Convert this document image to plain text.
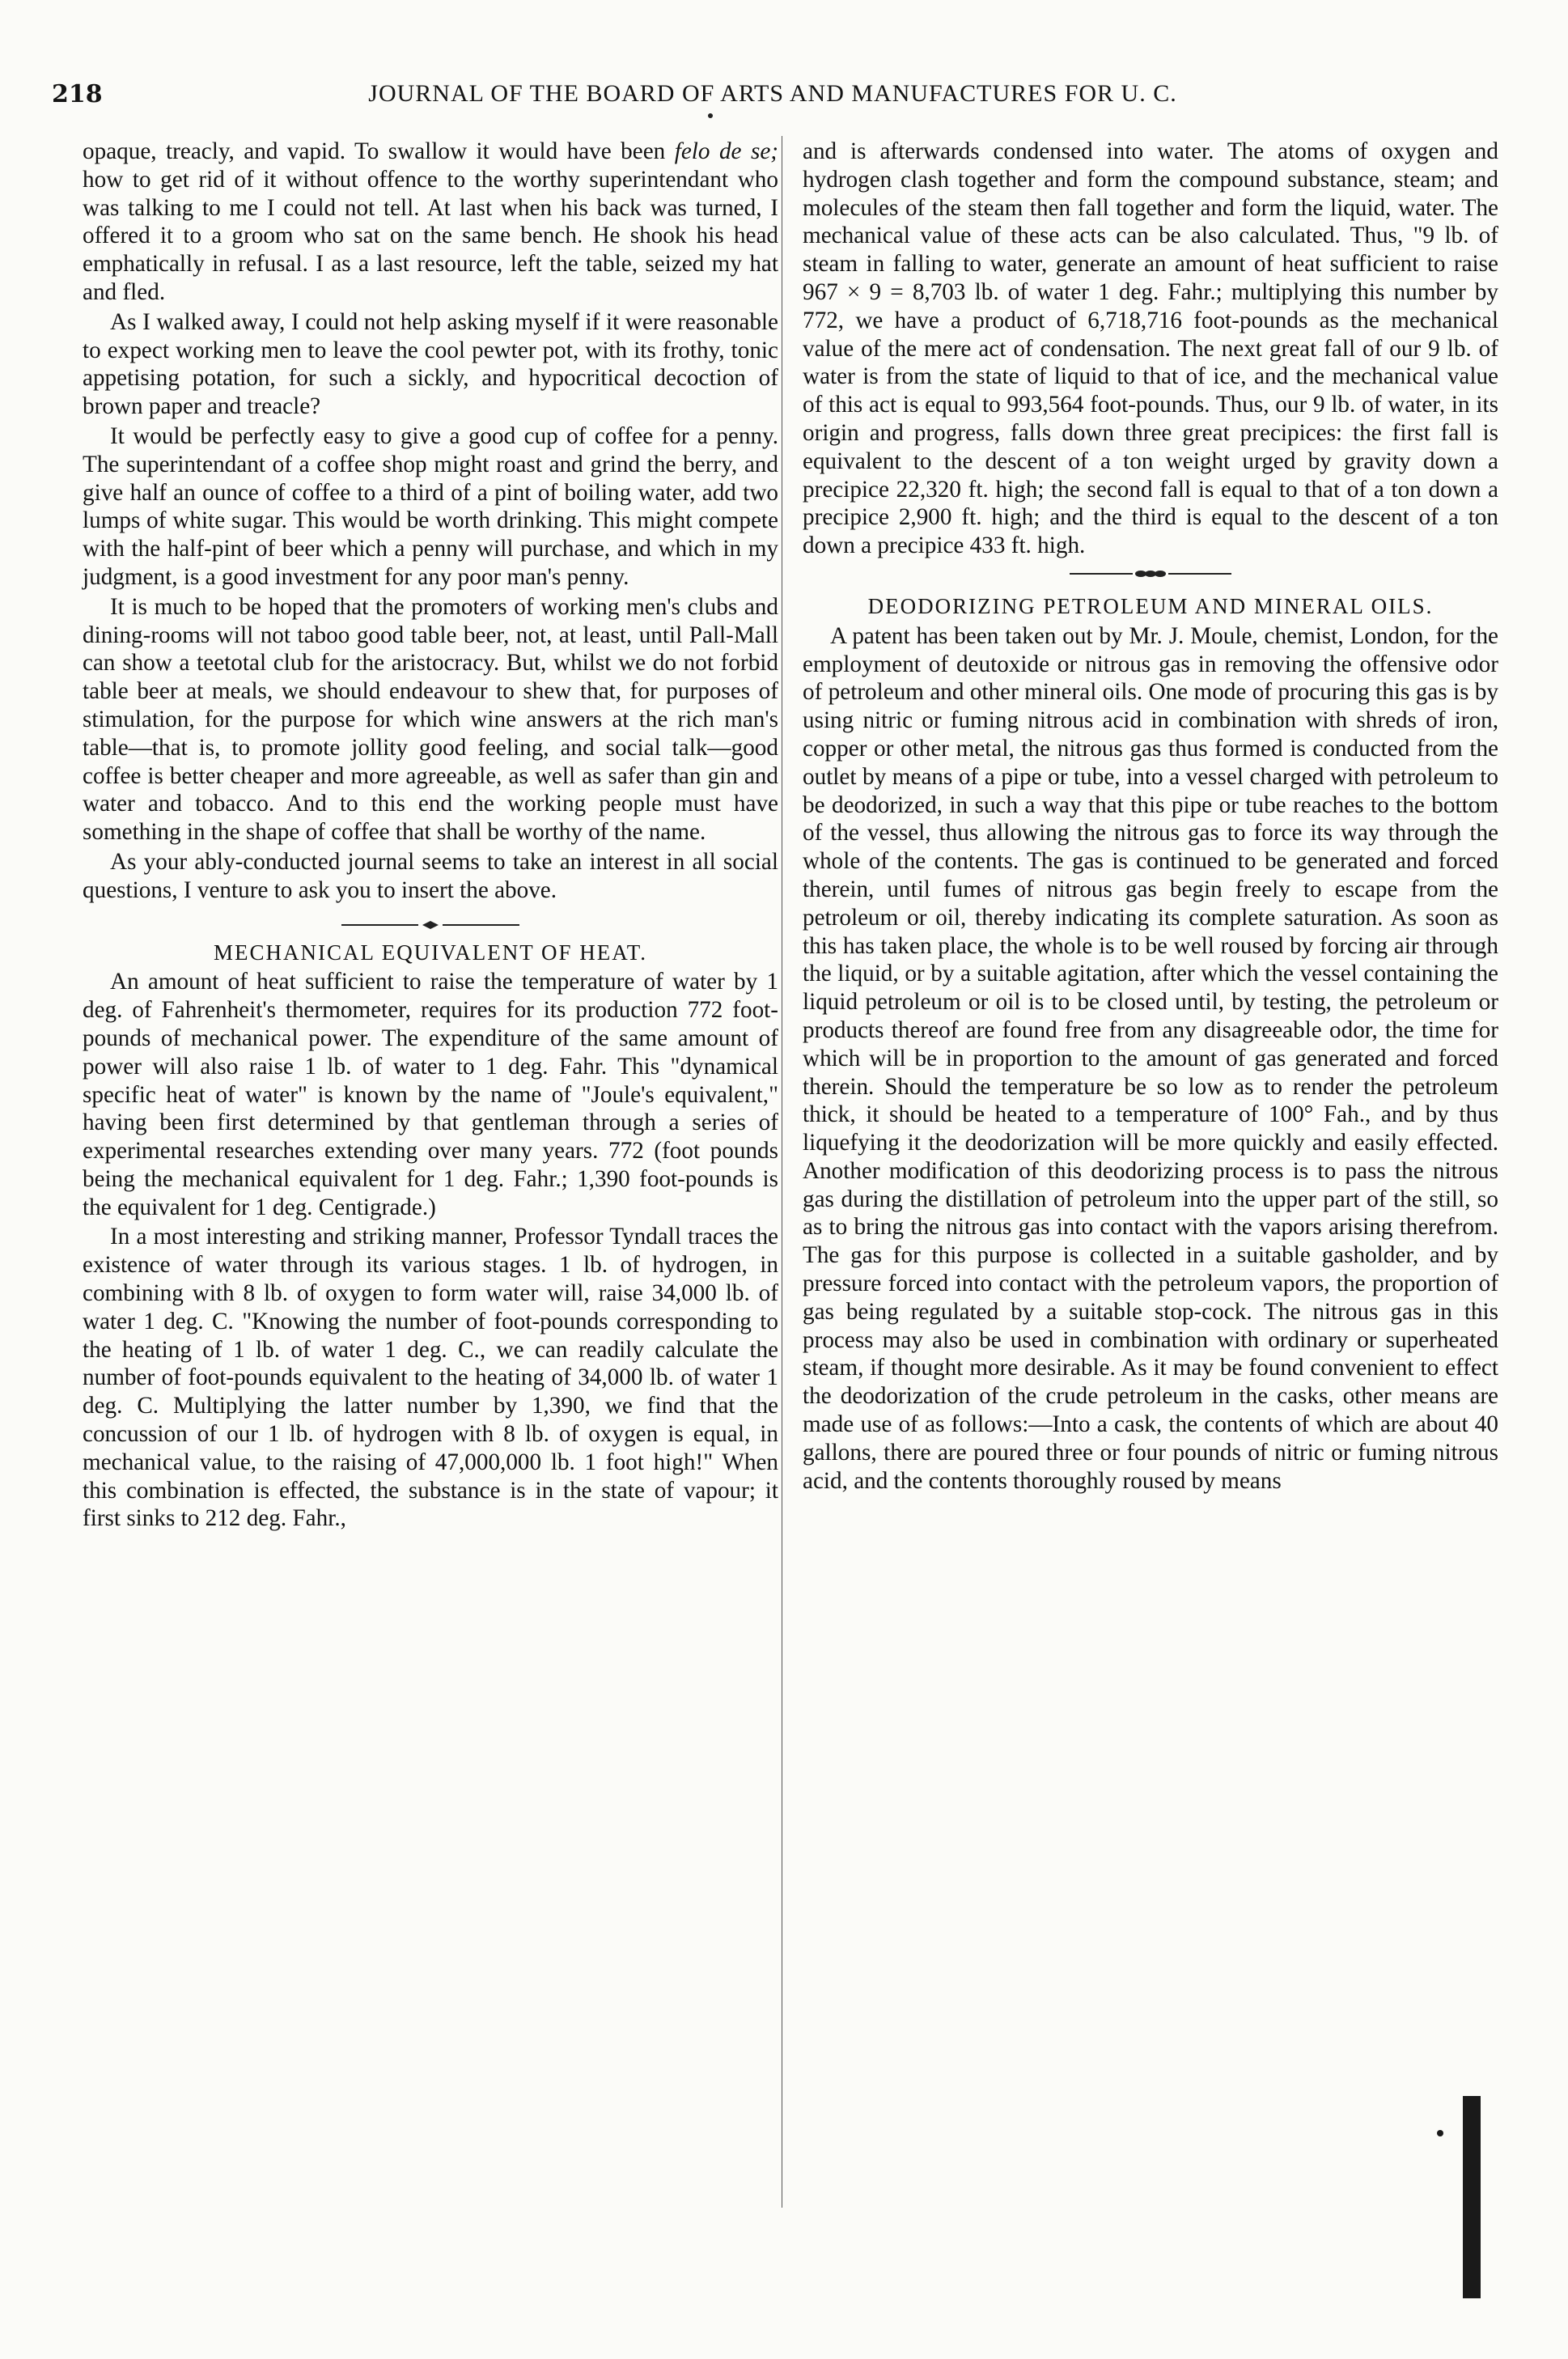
218	JOURNAL OF THE BOARD OF ARTS AND MANUFACTURES FOR U. C.

opaque, treacly, and vapid. To swallow it would have been felo de se; how to get rid of it without offence to the worthy superintendant who was talking to me I could not tell. At last when his back was turned, I offered it to a groom who sat on the same bench. He shook his head emphatically in refusal. I as a last resource, left the table, seized my hat and fled.

As I walked away, I could not help asking myself if it were reasonable to expect working men to leave the cool pewter pot, with its frothy, tonic appetising potation, for such a sickly, and hypocritical decoction of brown paper and treacle?

It would be perfectly easy to give a good cup of coffee for a penny. The superintendant of a coffee shop might roast and grind the berry, and give half an ounce of coffee to a third of a pint of boiling water, add two lumps of white sugar. This would be worth drinking. This might compete with the half-pint of beer which a penny will purchase, and which in my judgment, is a good investment for any poor man's penny.

It is much to be hoped that the promoters of working men's clubs and dining-rooms will not taboo good table beer, not, at least, until Pall-Mall can show a teetotal club for the aristocracy. But, whilst we do not forbid table beer at meals, we should endeavour to shew that, for purposes of stimulation, for the purpose for which wine answers at the rich man's table—that is, to promote jollity good feeling, and social talk—good coffee is better cheaper and more agreeable, as well as safer than gin and water and tobacco. And to this end the working people must have something in the shape of coffee that shall be worthy of the name.

As your ably-conducted journal seems to take an interest in all social questions, I venture to ask you to insert the above.

MECHANICAL EQUIVALENT OF HEAT.

An amount of heat sufficient to raise the temperature of water by 1 deg. of Fahrenheit's thermometer, requires for its production 772 foot-pounds of mechanical power. The expenditure of the same amount of power will also raise 1 lb. of water to 1 deg. Fahr. This "dynamical specific heat of water" is known by the name of "Joule's equivalent," having been first determined by that gentleman through a series of experimental researches extending over many years. 772 (foot pounds being the mechanical equivalent for 1 deg. Fahr.; 1,390 foot-pounds is the equivalent for 1 deg. Centigrade.)

In a most interesting and striking manner, Professor Tyndall traces the existence of water through its various stages. 1 lb. of hydrogen, in combining with 8 lb. of oxygen to form water will, raise 34,000 lb. of water 1 deg. C. "Knowing the number of foot-pounds corresponding to the heating of 1 lb. of water 1 deg. C., we can readily calculate the number of foot-pounds equivalent to the heating of 34,000 lb. of water 1 deg. C. Multiplying the latter number by 1,390, we find that the concussion of our 1 lb. of hydrogen with 8 lb. of oxygen is equal, in mechanical value, to the raising of 47,000,000 lb. 1 foot high!" When this combination is effected, the substance is in the state of vapour; it first sinks to 212 deg. Fahr.,

and is afterwards condensed into water. The atoms of oxygen and hydrogen clash together and form the compound substance, steam; and molecules of the steam then fall together and form the liquid, water. The mechanical value of these acts can be also calculated. Thus, "9 lb. of steam in falling to water, generate an amount of heat sufficient to raise 967 × 9 = 8,703 lb. of water 1 deg. Fahr.; multiplying this number by 772, we have a product of 6,718,716 foot-pounds as the mechanical value of the mere act of condensation. The next great fall of our 9 lb. of water is from the state of liquid to that of ice, and the mechanical value of this act is equal to 993,564 foot-pounds. Thus, our 9 lb. of water, in its origin and progress, falls down three great precipices: the first fall is equivalent to the descent of a ton weight urged by gravity down a precipice 22,320 ft. high; the second fall is equal to that of a ton down a precipice 2,900 ft. high; and the third is equal to the descent of a ton down a precipice 433 ft. high.

DEODORIZING PETROLEUM AND MINERAL OILS.

A patent has been taken out by Mr. J. Moule, chemist, London, for the employment of deutoxide or nitrous gas in removing the offensive odor of petroleum and other mineral oils. One mode of procuring this gas is by using nitric or fuming nitrous acid in combination with shreds of iron, copper or other metal, the nitrous gas thus formed is conducted from the outlet by means of a pipe or tube, into a vessel charged with petroleum to be deodorized, in such a way that this pipe or tube reaches to the bottom of the vessel, thus allowing the nitrous gas to force its way through the whole of the contents. The gas is continued to be generated and forced therein, until fumes of nitrous gas begin freely to escape from the petroleum or oil, thereby indicating its complete saturation. As soon as this has taken place, the whole is to be well roused by forcing air through the liquid, or by a suitable agitation, after which the vessel containing the liquid petroleum or oil is to be closed until, by testing, the petroleum or products thereof are found free from any disagreeable odor, the time for which will be in proportion to the amount of gas generated and forced therein. Should the temperature be so low as to render the petroleum thick, it should be heated to a temperature of 100° Fah., and by thus liquefying it the deodorization will be more quickly and easily effected. Another modification of this deodorizing process is to pass the nitrous gas during the distillation of petroleum into the upper part of the still, so as to bring the nitrous gas into contact with the vapors arising therefrom. The gas for this purpose is collected in a suitable gasholder, and by pressure forced into contact with the petroleum vapors, the proportion of gas being regulated by a suitable stop-cock. The nitrous gas in this process may also be used in combination with ordinary or superheated steam, if thought more desirable. As it may be found convenient to effect the deodorization of the crude petroleum in the casks, other means are made use of as follows:—Into a cask, the contents of which are about 40 gallons, there are poured three or four pounds of nitric or fuming nitrous acid, and the contents thoroughly roused by means
